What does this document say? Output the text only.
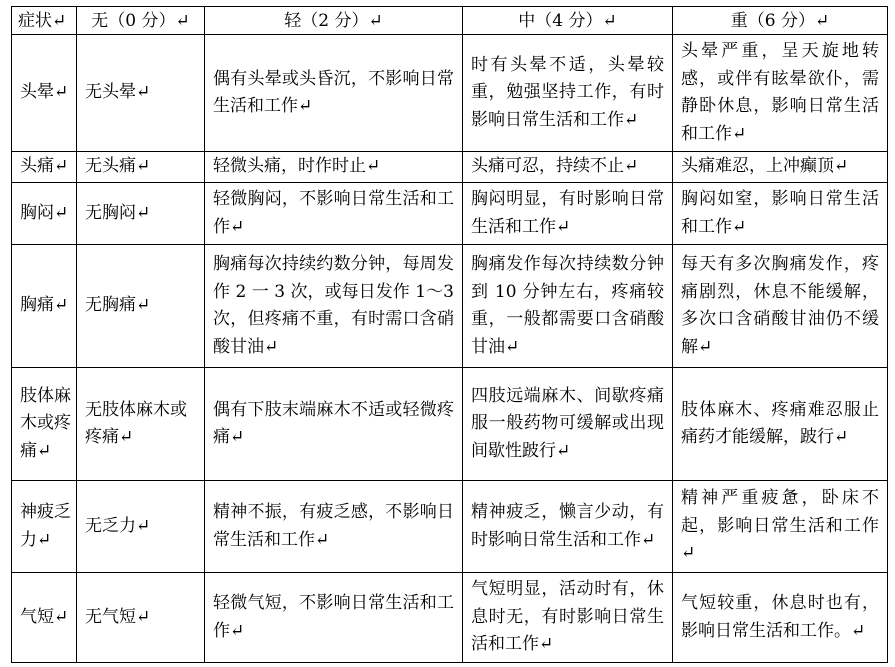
症状↵	无（0 分）↵	轻（2 分）↵	中（4 分）↵	重（6 分）↵
头晕↵	无头晕↵	偶有头晕或头昏沉，不影响日常生活和工作↵	时有头晕不适，头晕较重，勉强坚持工作，有时影响日常生活和工作↵	头晕严重，呈天旋地转感，或伴有眩晕欲仆，需静卧休息，影响日常生活和工作↵
头痛↵	无头痛↵	轻微头痛，时作时止↵	头痛可忍，持续不止↵	头痛难忍，上冲癫顶↵
胸闷↵	无胸闷↵	轻微胸闷，不影响日常生活和工作↵	胸闷明显，有时影响日常生活和工作↵	胸闷如窒，影响日常生活和工作↵
胸痛↵	无胸痛↵	胸痛每次持续约数分钟，每周发作 2 一 3 次，或每日发作 1～3 次，但疼痛不重，有时需口含硝酸甘油↵	胸痛发作每次持续数分钟到 10 分钟左右，疼痛较重，一般都需要口含硝酸甘油↵	每天有多次胸痛发作，疼痛剧烈，休息不能缓解，多次口含硝酸甘油仍不缓解↵
肢体麻木或疼痛↵	无肢体麻木或疼痛↵	偶有下肢末端麻木不适或轻微疼痛↵	四肢远端麻木、间歇疼痛服一般药物可缓解或出现间歇性跛行↵	肢体麻木、疼痛难忍服止痛药才能缓解，跛行↵
神疲乏力↵	无乏力↵	精神不振，有疲乏感，不影响日常生活和工作↵	精神疲乏，懒言少动，有时影响日常生活和工作↵	精神严重疲惫，卧床不起，影响日常生活和工作↵
气短↵	无气短↵	轻微气短，不影响日常生活和工作↵	气短明显，活动时有，休息时无，有时影响日常生活和工作↵	气短较重，休息时也有，影响日常生活和工作。↵
